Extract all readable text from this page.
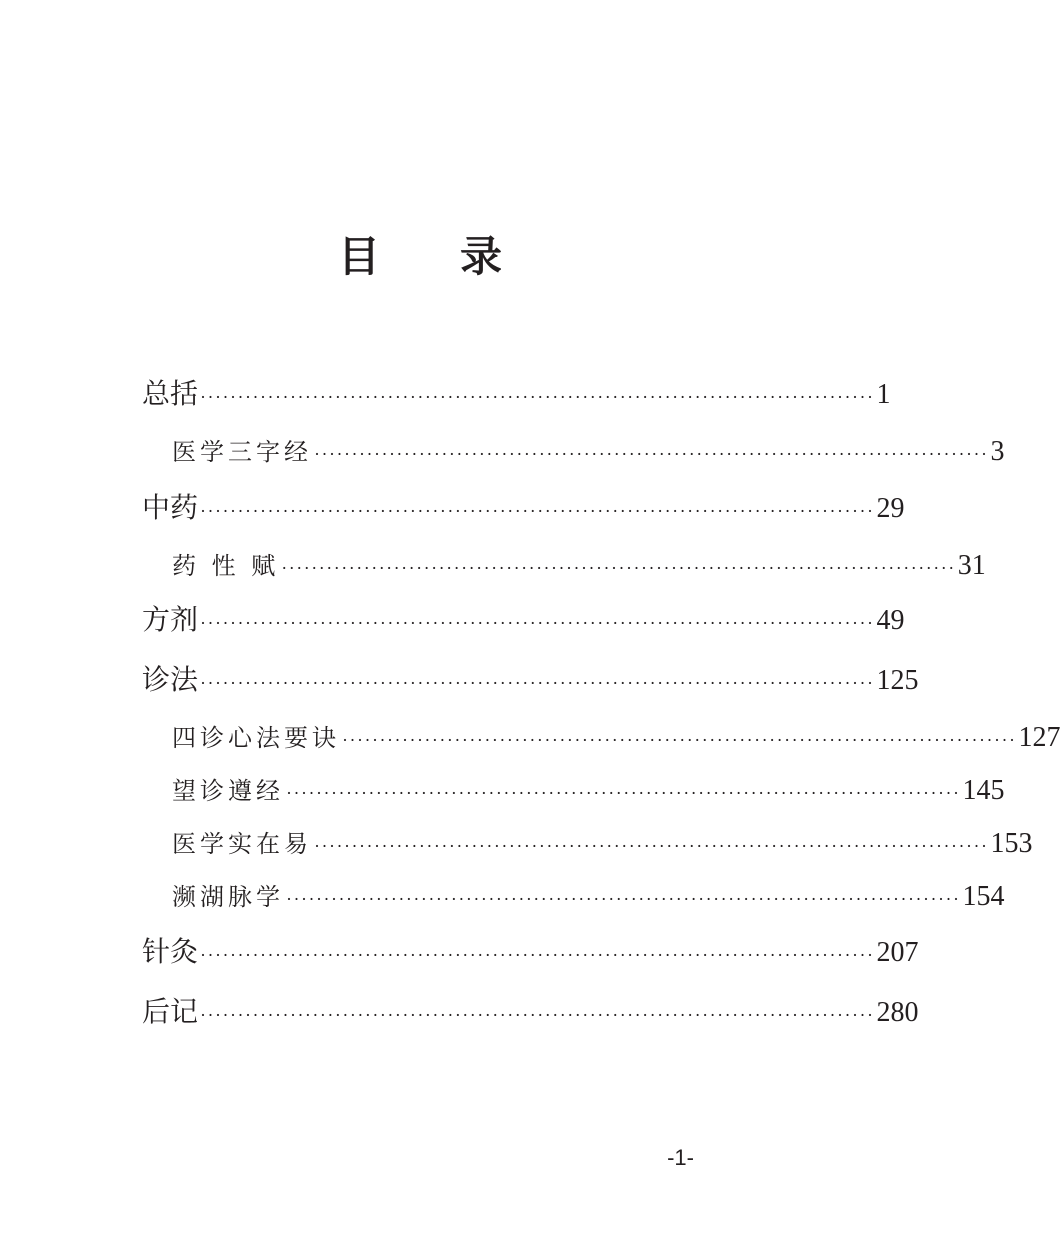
目 录
总括 ·························································································· 1
医学三字经 ·························································································· 3
中药 ·························································································· 29
药 性 赋 ·························································································· 31
方剂 ·························································································· 49
诊法 ·························································································· 125
四诊心法要诀 ·························································································· 127
望诊遵经 ·························································································· 145
医学实在易 ·························································································· 153
濒湖脉学 ·························································································· 154
针灸 ·························································································· 207
后记 ·························································································· 280
-1-
